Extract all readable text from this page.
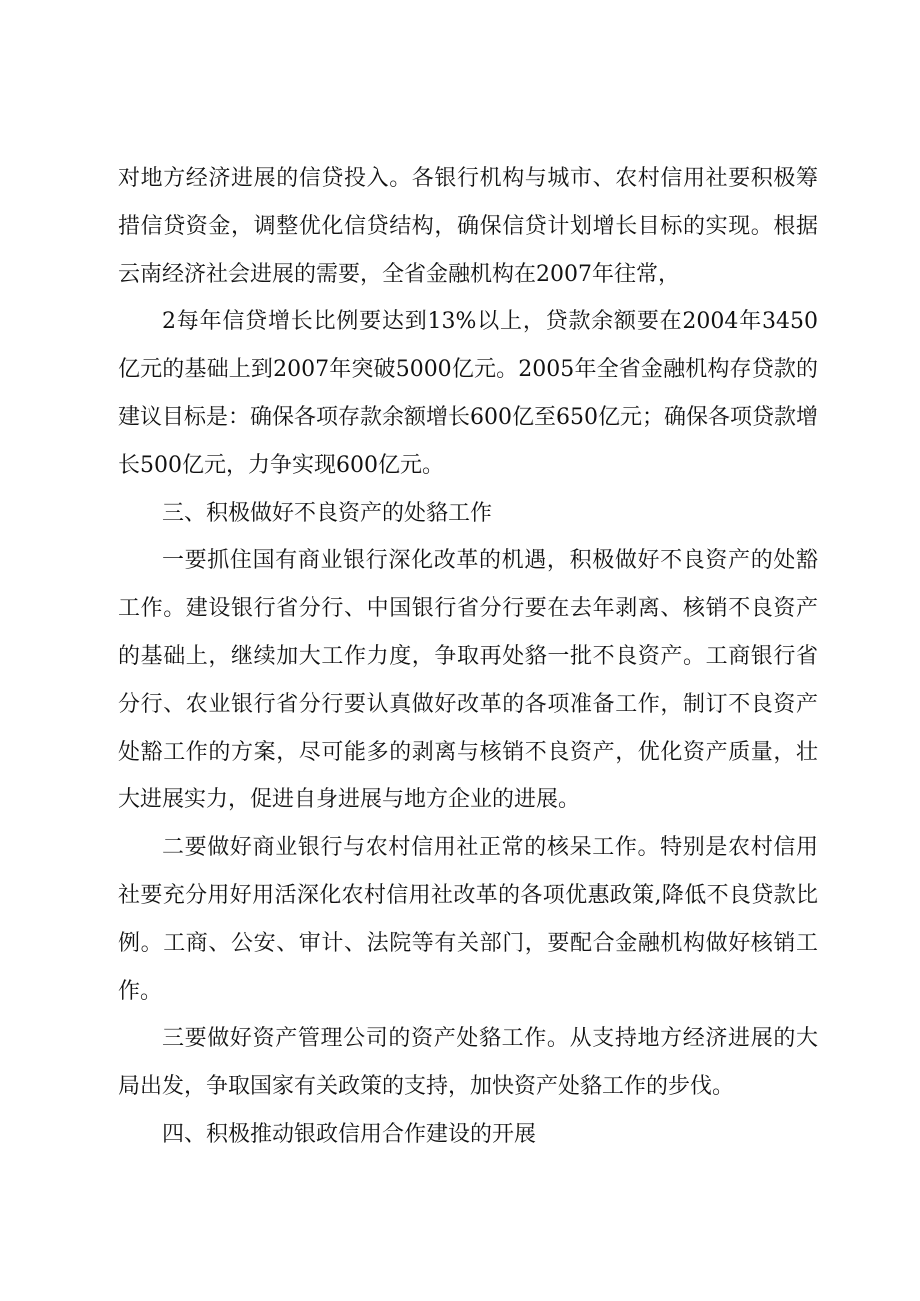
对地方经济进展的信贷投入。各银行机构与城市、农村信用社要积极筹措信贷资金，调整优化信贷结构，确保信贷计划增长目标的实现。根据云南经济社会进展的需要，全省金融机构在2007年往常，

2每年信贷增长比例要达到13%以上，贷款余额要在2004年3450亿元的基础上到2007年突破5000亿元。2005年全省金融机构存贷款的建议目标是：确保各项存款余额增长600亿至650亿元；确保各项贷款增长500亿元，力争实现600亿元。

三、积极做好不良资产的处貉工作

一要抓住国有商业银行深化改革的机遇，积极做好不良资产的处豁工作。建设银行省分行、中国银行省分行要在去年剥离、核销不良资产的基础上，继续加大工作力度，争取再处貉一批不良资产。工商银行省分行、农业银行省分行要认真做好改革的各项准备工作，制订不良资产处豁工作的方案，尽可能多的剥离与核销不良资产，优化资产质量，壮大进展实力，促进自身进展与地方企业的进展。

二要做好商业银行与农村信用社正常的核呆工作。特别是农村信用社要充分用好用活深化农村信用社改革的各项优惠政策,降低不良贷款比例。工商、公安、审计、法院等有关部门，要配合金融机构做好核销工作。

三要做好资产管理公司的资产处貉工作。从支持地方经济进展的大局出发，争取国家有关政策的支持，加快资产处貉工作的步伐。

四、积极推动银政信用合作建设的开展
